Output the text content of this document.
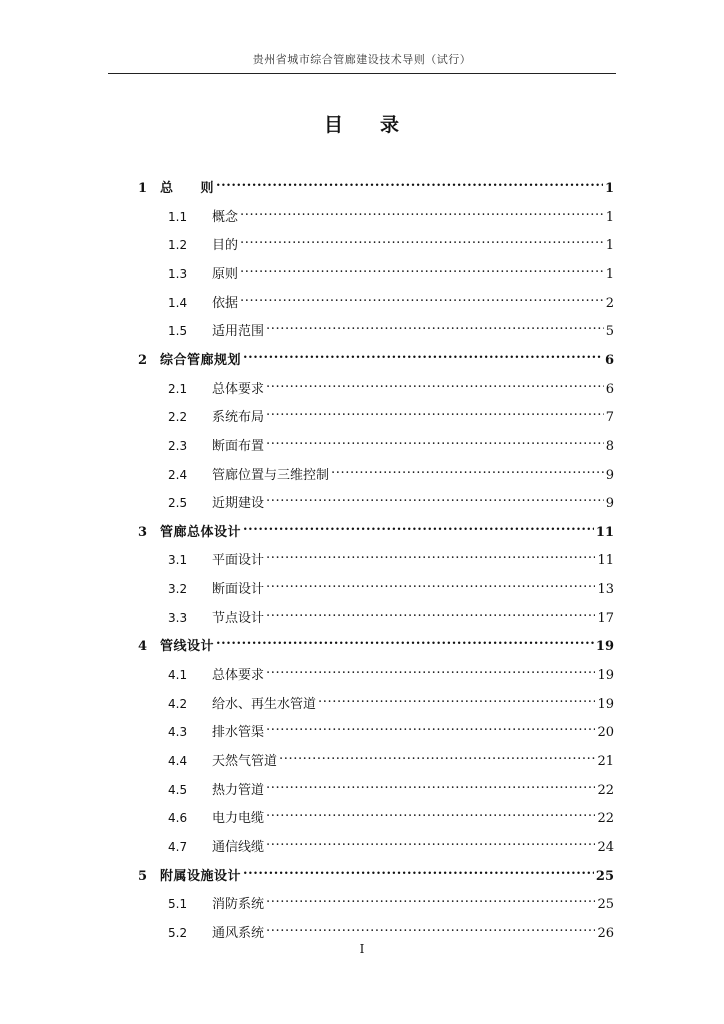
贵州省城市综合管廊建设技术导则（试行）
目 录
1 总　　则 .....	1
1.1	概念 .....	1
1.2	目的 .....	1
1.3	原则 .....	1
1.4	依据 .....	2
1.5	适用范围 .....	5
2 综合管廊规划 .....	6
2.1	总体要求 .....	6
2.2	系统布局 .....	7
2.3	断面布置 .....	8
2.4	管廊位置与三维控制 .....	9
2.5	近期建设 .....	9
3 管廊总体设计 .....	11
3.1	平面设计 .....	11
3.2	断面设计 .....	13
3.3	节点设计 .....	17
4 管线设计 .....	19
4.1	总体要求 .....	19
4.2	给水、再生水管道 .....	19
4.3	排水管渠 .....	20
4.4	天然气管道 .....	21
4.5	热力管道 .....	22
4.6	电力电缆 .....	22
4.7	通信线缆 .....	24
5 附属设施设计 .....	25
5.1	消防系统 .....	25
5.2	通风系统 .....	26
I
